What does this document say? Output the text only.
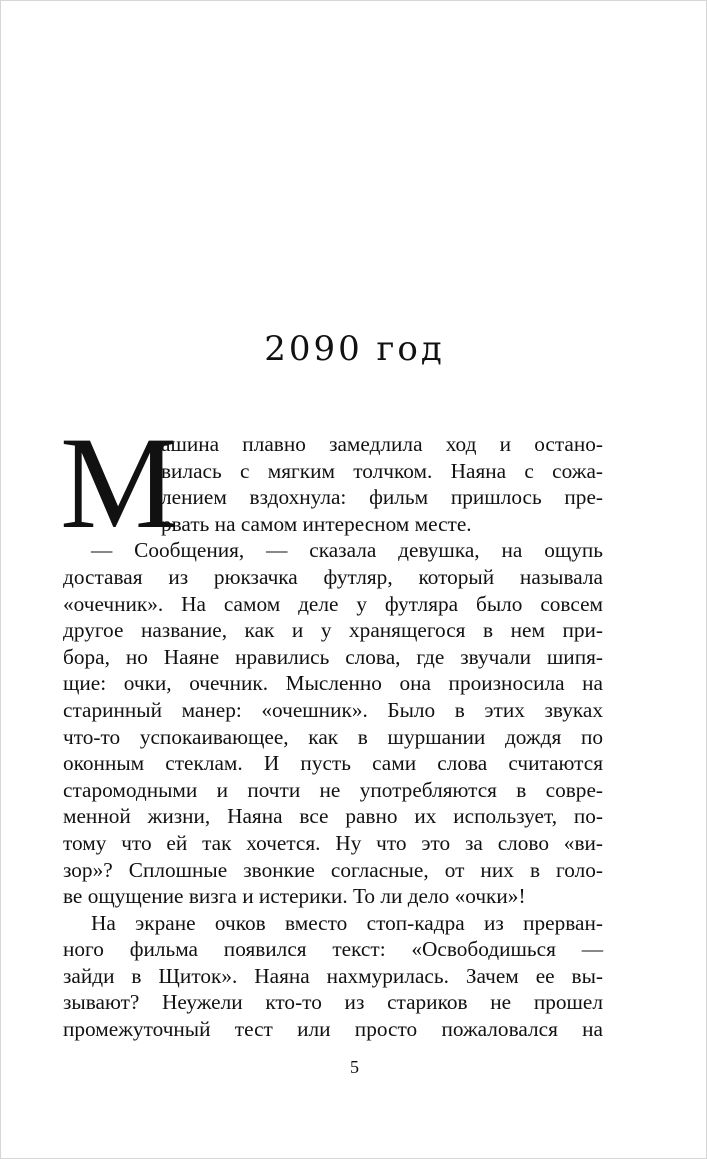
2090 год
М
ашина плавно замедлила ход и остано-
вилась с мягким толчком. Наяна с сожа-
лением вздохнула: фильм пришлось пре-
рвать на самом интересном месте.
— Сообщения, — сказала девушка, на ощупь
доставая из рюкзачка футляр, который называла
«очечник». На самом деле у футляра было совсем
другое название, как и у хранящегося в нем при-
бора, но Наяне нравились слова, где звучали шипя-
щие: очки, очечник. Мысленно она произносила на
старинный манер: «очешник». Было в этих звуках
что-то успокаивающее, как в шуршании дождя по
оконным стеклам. И пусть сами слова считаются
старомодными и почти не употребляются в совре-
менной жизни, Наяна все равно их использует, по-
тому что ей так хочется. Ну что это за слово «ви-
зор»? Сплошные звонкие согласные, от них в голо-
ве ощущение визга и истерики. То ли дело «очки»!
На экране очков вместо стоп-кадра из прерван-
ного фильма появился текст: «Освободишься —
зайди в Щиток». Наяна нахмурилась. Зачем ее вы-
зывают? Неужели кто-то из стариков не прошел
промежуточный тест или просто пожаловался на
5
